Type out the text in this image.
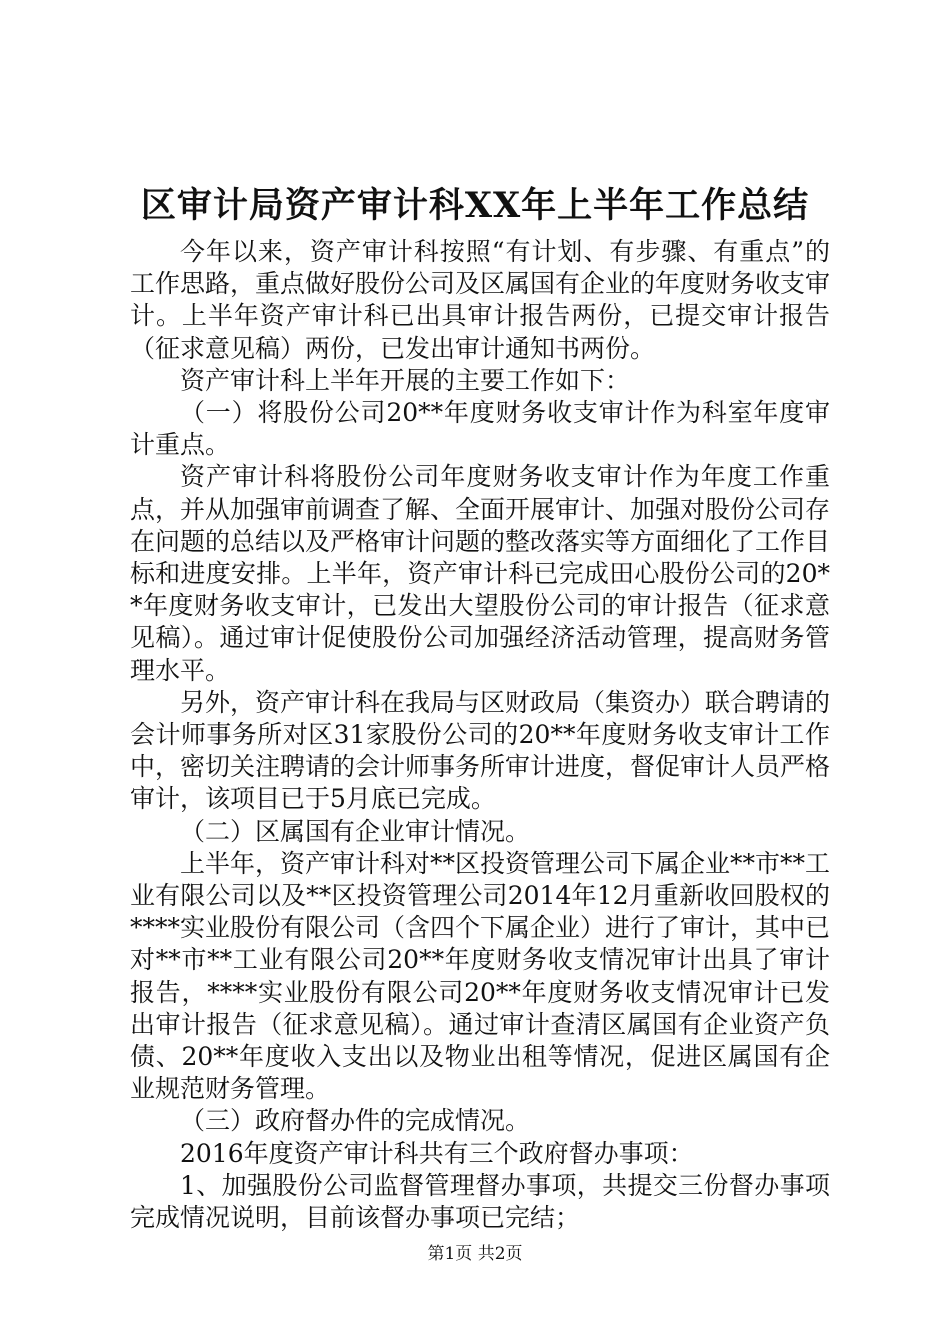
区审计局资产审计科XX年上半年工作总结

今年以来，资产审计科按照“有计划、有步骤、有重点”的工作思路，重点做好股份公司及区属国有企业的年度财务收支审计。上半年资产审计科已出具审计报告两份，已提交审计报告（征求意见稿）两份，已发出审计通知书两份。

资产审计科上半年开展的主要工作如下：

（一）将股份公司20**年度财务收支审计作为科室年度审计重点。

资产审计科将股份公司年度财务收支审计作为年度工作重点，并从加强审前调查了解、全面开展审计、加强对股份公司存在问题的总结以及严格审计问题的整改落实等方面细化了工作目标和进度安排。上半年，资产审计科已完成田心股份公司的20**年度财务收支审计，已发出大望股份公司的审计报告（征求意见稿）。通过审计促使股份公司加强经济活动管理，提高财务管理水平。

另外，资产审计科在我局与区财政局（集资办）联合聘请的会计师事务所对区31家股份公司的20**年度财务收支审计工作中，密切关注聘请的会计师事务所审计进度，督促审计人员严格审计，该项目已于5月底已完成。

（二）区属国有企业审计情况。

上半年，资产审计科对**区投资管理公司下属企业**市**工业有限公司以及**区投资管理公司2014年12月重新收回股权的****实业股份有限公司（含四个下属企业）进行了审计，其中已对**市**工业有限公司20**年度财务收支情况审计出具了审计报告，****实业股份有限公司20**年度财务收支情况审计已发出审计报告（征求意见稿）。通过审计查清区属国有企业资产负债、20**年度收入支出以及物业出租等情况，促进区属国有企业规范财务管理。

（三）政府督办件的完成情况。

2016年度资产审计科共有三个政府督办事项：

1、加强股份公司监督管理督办事项，共提交三份督办事项完成情况说明，目前该督办事项已完结；

第1页 共2页
